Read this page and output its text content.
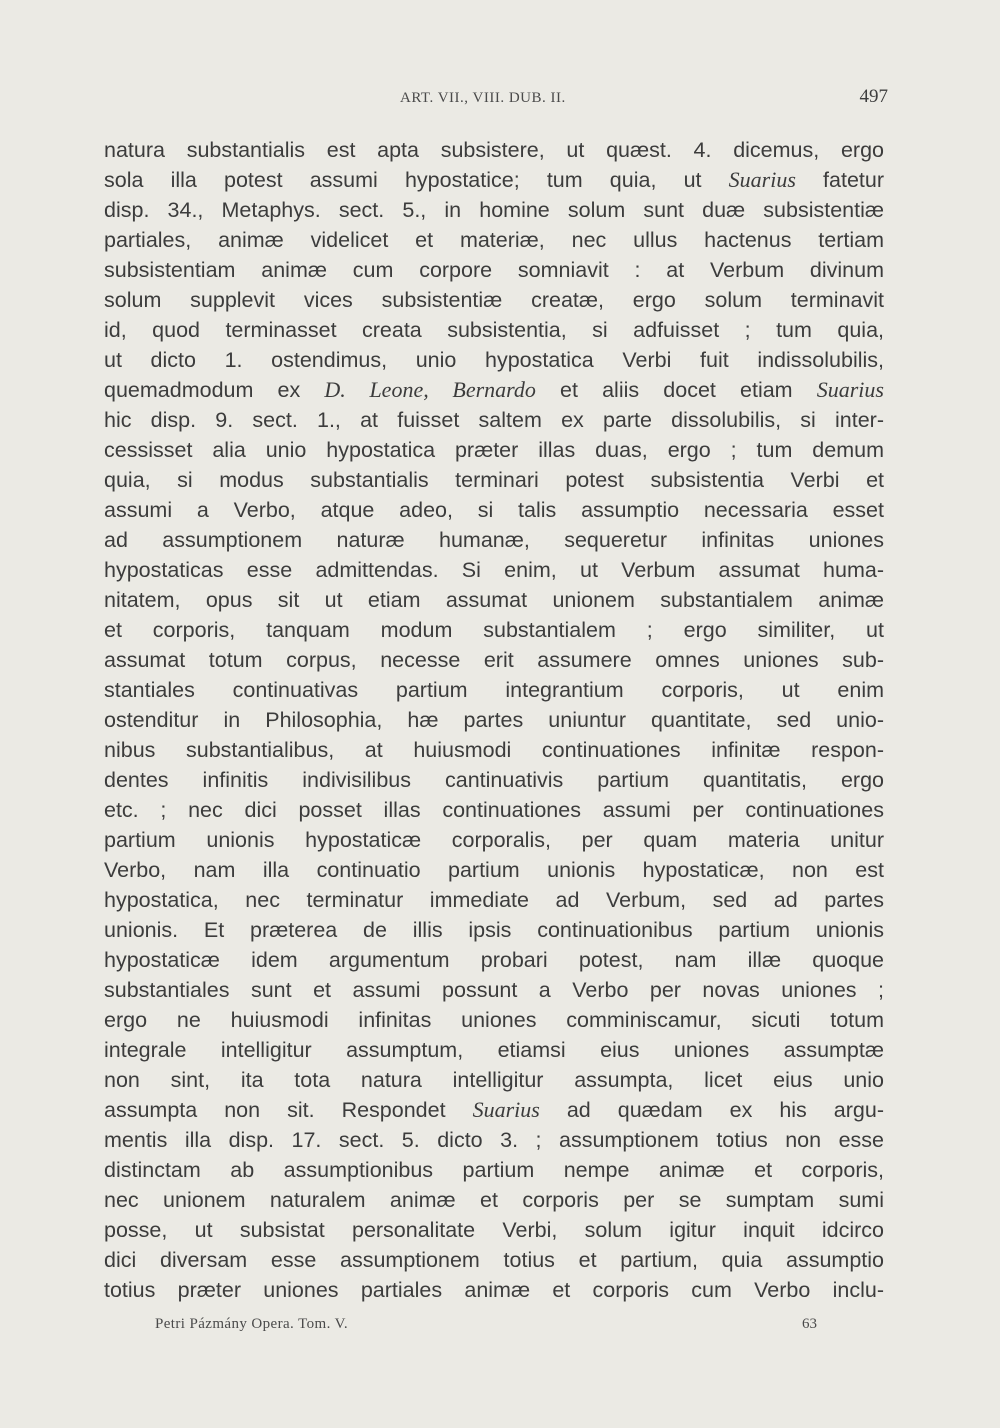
ART. VII., VIII. DUB. II.	497
natura substantialis est apta subsistere, ut quæst. 4. dicemus, ergo
sola illa potest assumi hypostatice; tum quia, ut Suarius fatetur
disp. 34., Metaphys. sect. 5., in homine solum sunt duæ subsistentiæ
partiales, animæ videlicet et materiæ, nec ullus hactenus tertiam
subsistentiam animæ cum corpore somniavit : at Verbum divinum
solum supplevit vices subsistentiæ creatæ, ergo solum terminavit
id, quod terminasset creata subsistentia, si adfuisset ; tum quia,
ut dicto 1. ostendimus, unio hypostatica Verbi fuit indissolubilis,
quemadmodum ex D. Leone, Bernardo et aliis docet etiam Suarius
hic disp. 9. sect. 1., at fuisset saltem ex parte dissolubilis, si inter-
cessisset alia unio hypostatica præter illas duas, ergo ; tum demum
quia, si modus substantialis terminari potest subsistentia Verbi et
assumi a Verbo, atque adeo, si talis assumptio necessaria esset
ad assumptionem naturæ humanæ, sequeretur infinitas uniones
hypostaticas esse admittendas. Si enim, ut Verbum assumat huma-
nitatem, opus sit ut etiam assumat unionem substantialem animæ
et corporis, tanquam modum substantialem ; ergo similiter, ut
assumat totum corpus, necesse erit assumere omnes uniones sub-
stantiales continuativas partium integrantium corporis, ut enim
ostenditur in Philosophia, hæ partes uniuntur quantitate, sed unio-
nibus substantialibus, at huiusmodi continuationes infinitæ respon-
dentes infinitis indivisilibus cantinuativis partium quantitatis, ergo
etc. ; nec dici posset illas continuationes assumi per continuationes
partium unionis hypostaticæ corporalis, per quam materia unitur
Verbo, nam illa continuatio partium unionis hypostaticæ, non est
hypostatica, nec terminatur immediate ad Verbum, sed ad partes
unionis. Et præterea de illis ipsis continuationibus partium unionis
hypostaticæ idem argumentum probari potest, nam illæ quoque
substantiales sunt et assumi possunt a Verbo per novas uniones ;
ergo ne huiusmodi infinitas uniones comminiscamur, sicuti totum
integrale intelligitur assumptum, etiamsi eius uniones assumptæ
non sint, ita tota natura intelligitur assumpta, licet eius unio
assumpta non sit. Respondet Suarius ad quædam ex his argu-
mentis illa disp. 17. sect. 5. dicto 3. ; assumptionem totius non esse
distinctam ab assumptionibus partium nempe animæ et corporis,
nec unionem naturalem animæ et corporis per se sumptam sumi
posse, ut subsistat personalitate Verbi, solum igitur inquit idcirco
dici diversam esse assumptionem totius et partium, quia assumptio
totius præter uniones partiales animæ et corporis cum Verbo inclu-
Petri Pázmány Opera. Tom. V.	63
